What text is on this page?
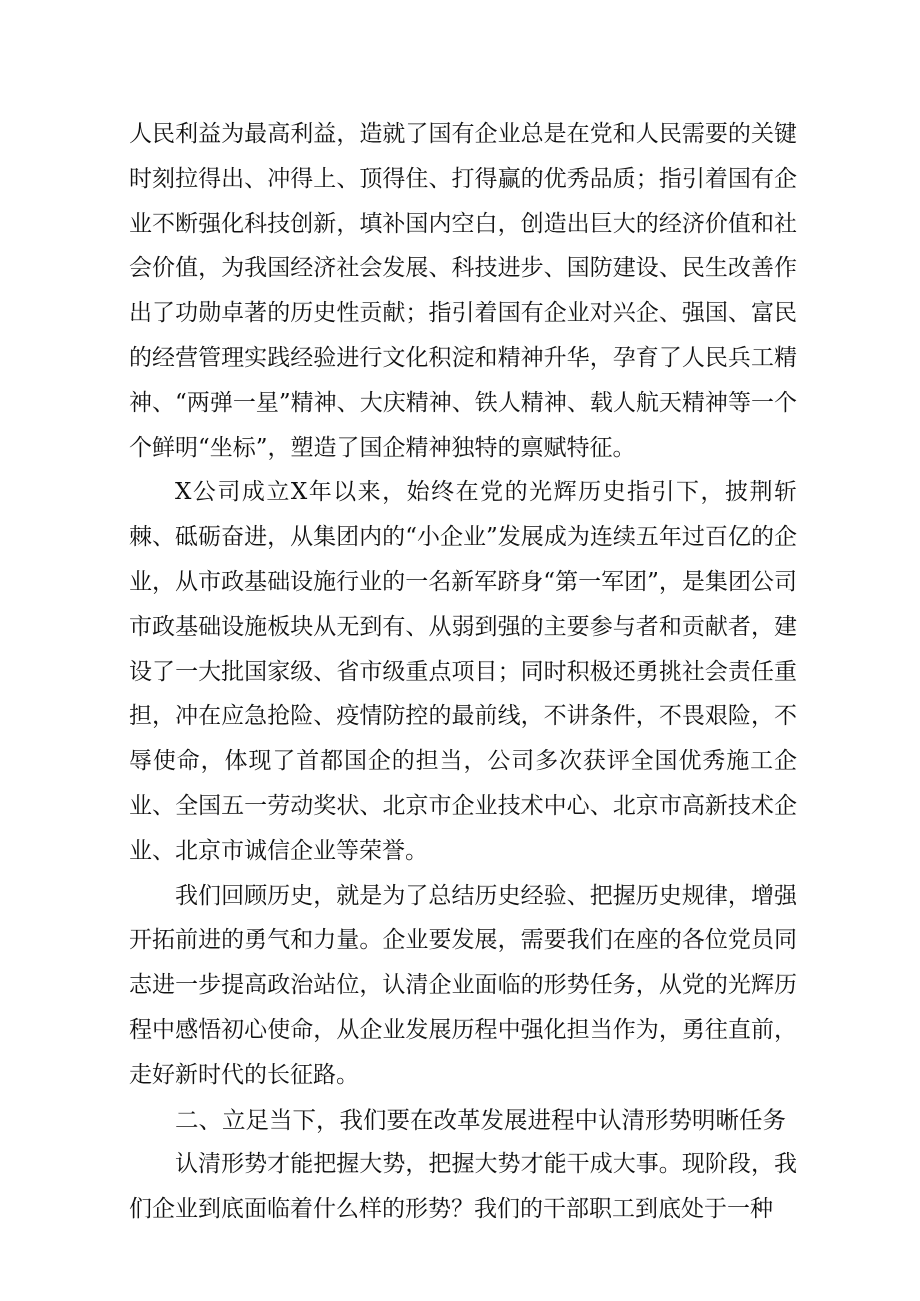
人民利益为最高利益，造就了国有企业总是在党和人民需要的关键时刻拉得出、冲得上、顶得住、打得赢的优秀品质；指引着国有企业不断强化科技创新，填补国内空白，创造出巨大的经济价值和社会价值，为我国经济社会发展、科技进步、国防建设、民生改善作出了功勋卓著的历史性贡献；指引着国有企业对兴企、强国、富民的经营管理实践经验进行文化积淀和精神升华，孕育了人民兵工精神、“两弹一星”精神、大庆精神、铁人精神、载人航天精神等一个个鲜明“坐标”，塑造了国企精神独特的禀赋特征。

X公司成立X年以来，始终在党的光辉历史指引下，披荆斩棘、砥砺奋进，从集团内的“小企业”发展成为连续五年过百亿的企业，从市政基础设施行业的一名新军跻身“第一军团”，是集团公司市政基础设施板块从无到有、从弱到强的主要参与者和贡献者，建设了一大批国家级、省市级重点项目；同时积极还勇挑社会责任重担，冲在应急抢险、疫情防控的最前线，不讲条件，不畏艰险，不辱使命，体现了首都国企的担当，公司多次获评全国优秀施工企业、全国五一劳动奖状、北京市企业技术中心、北京市高新技术企业、北京市诚信企业等荣誉。

我们回顾历史，就是为了总结历史经验、把握历史规律，增强开拓前进的勇气和力量。企业要发展，需要我们在座的各位党员同志进一步提高政治站位，认清企业面临的形势任务，从党的光辉历程中感悟初心使命，从企业发展历程中强化担当作为，勇往直前，走好新时代的长征路。

二、立足当下，我们要在改革发展进程中认清形势明晰任务

认清形势才能把握大势，把握大势才能干成大事。现阶段，我们企业到底面临着什么样的形势？我们的干部职工到底处于一种
